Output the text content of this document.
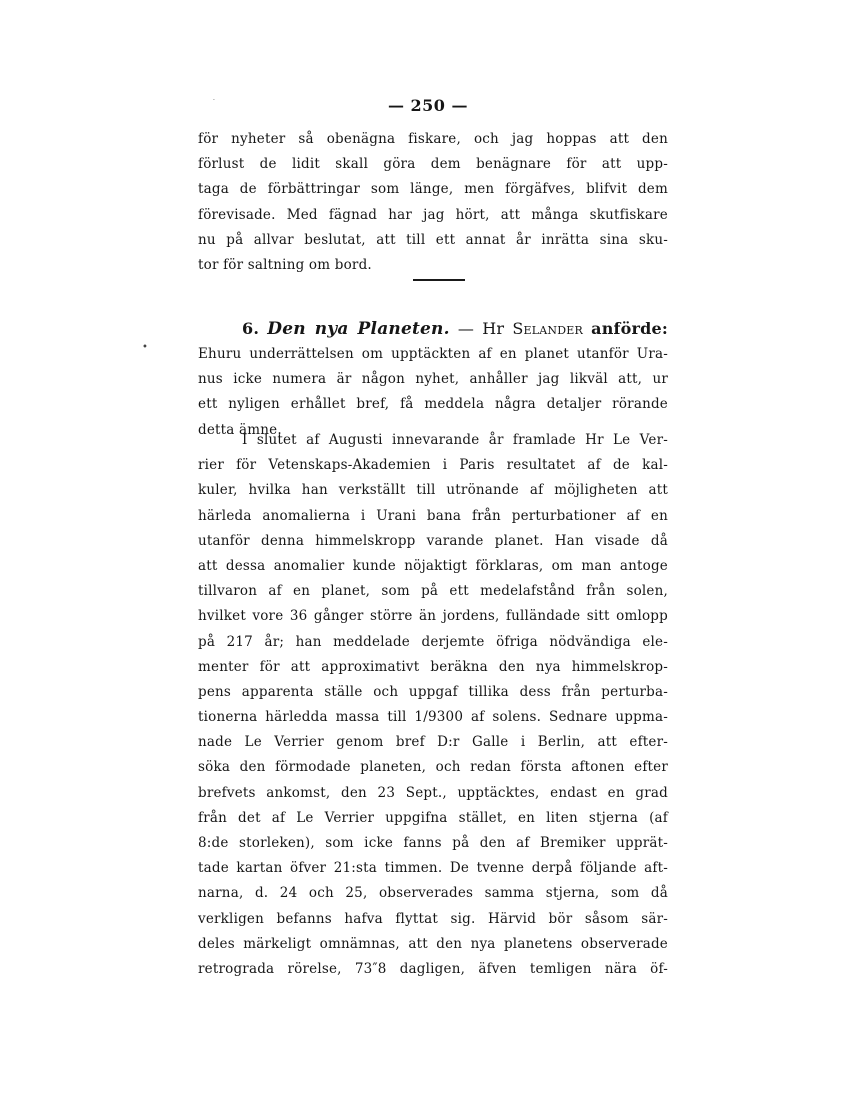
— 250 —
för nyheter så obenägna fiskare, och jag hoppas att den
förlust de lidit skall göra dem benägnare för att upp-
taga de förbättringar som länge, men förgäfves, blifvit dem
förevisade. Med fägnad har jag hört, att många skutfiskare
nu på allvar beslutat, att till ett annat år inrätta sina sku-
tor för saltning om bord.
6. Den nya Planeten. — Hr Selander anförde:
Ehuru underrättelsen om upptäckten af en planet utanför Ura-
nus icke numera är någon nyhet, anhåller jag likväl att, ur
ett nyligen erhållet bref, få meddela några detaljer rörande
detta ämne.
I slutet af Augusti innevarande år framlade Hr Le Ver-
rier för Vetenskaps-Akademien i Paris resultatet af de kal-
kuler, hvilka han verkställt till utrönande af möjligheten att
härleda anomalierna i Urani bana från perturbationer af en
utanför denna himmelskropp varande planet. Han visade då
att dessa anomalier kunde nöjaktigt förklaras, om man antoge
tillvaron af en planet, som på ett medelafstånd från solen,
hvilket vore 36 gånger större än jordens, fulländade sitt omlopp
på 217 år; han meddelade derjemte öfriga nödvändiga ele-
menter för att approximativt beräkna den nya himmelskrop-
pens apparenta ställe och uppgaf tillika dess från perturba-
tionerna härledda massa till 1/9300 af solens. Sednare uppma-
nade Le Verrier genom bref D:r Galle i Berlin, att efter-
söka den förmodade planeten, och redan första aftonen efter
brefvets ankomst, den 23 Sept., upptäcktes, endast en grad
från det af Le Verrier uppgifna stället, en liten stjerna (af
8:de storleken), som icke fanns på den af Bremiker upprät-
tade kartan öfver 21:sta timmen. De tvenne derpå följande aft-
narna, d. 24 och 25, observerades samma stjerna, som då
verkligen befanns hafva flyttat sig. Härvid bör såsom sär-
deles märkeligt omnämnas, att den nya planetens observerade
retrograda rörelse, 73″8 dagligen, äfven temligen nära öf-
•
·
